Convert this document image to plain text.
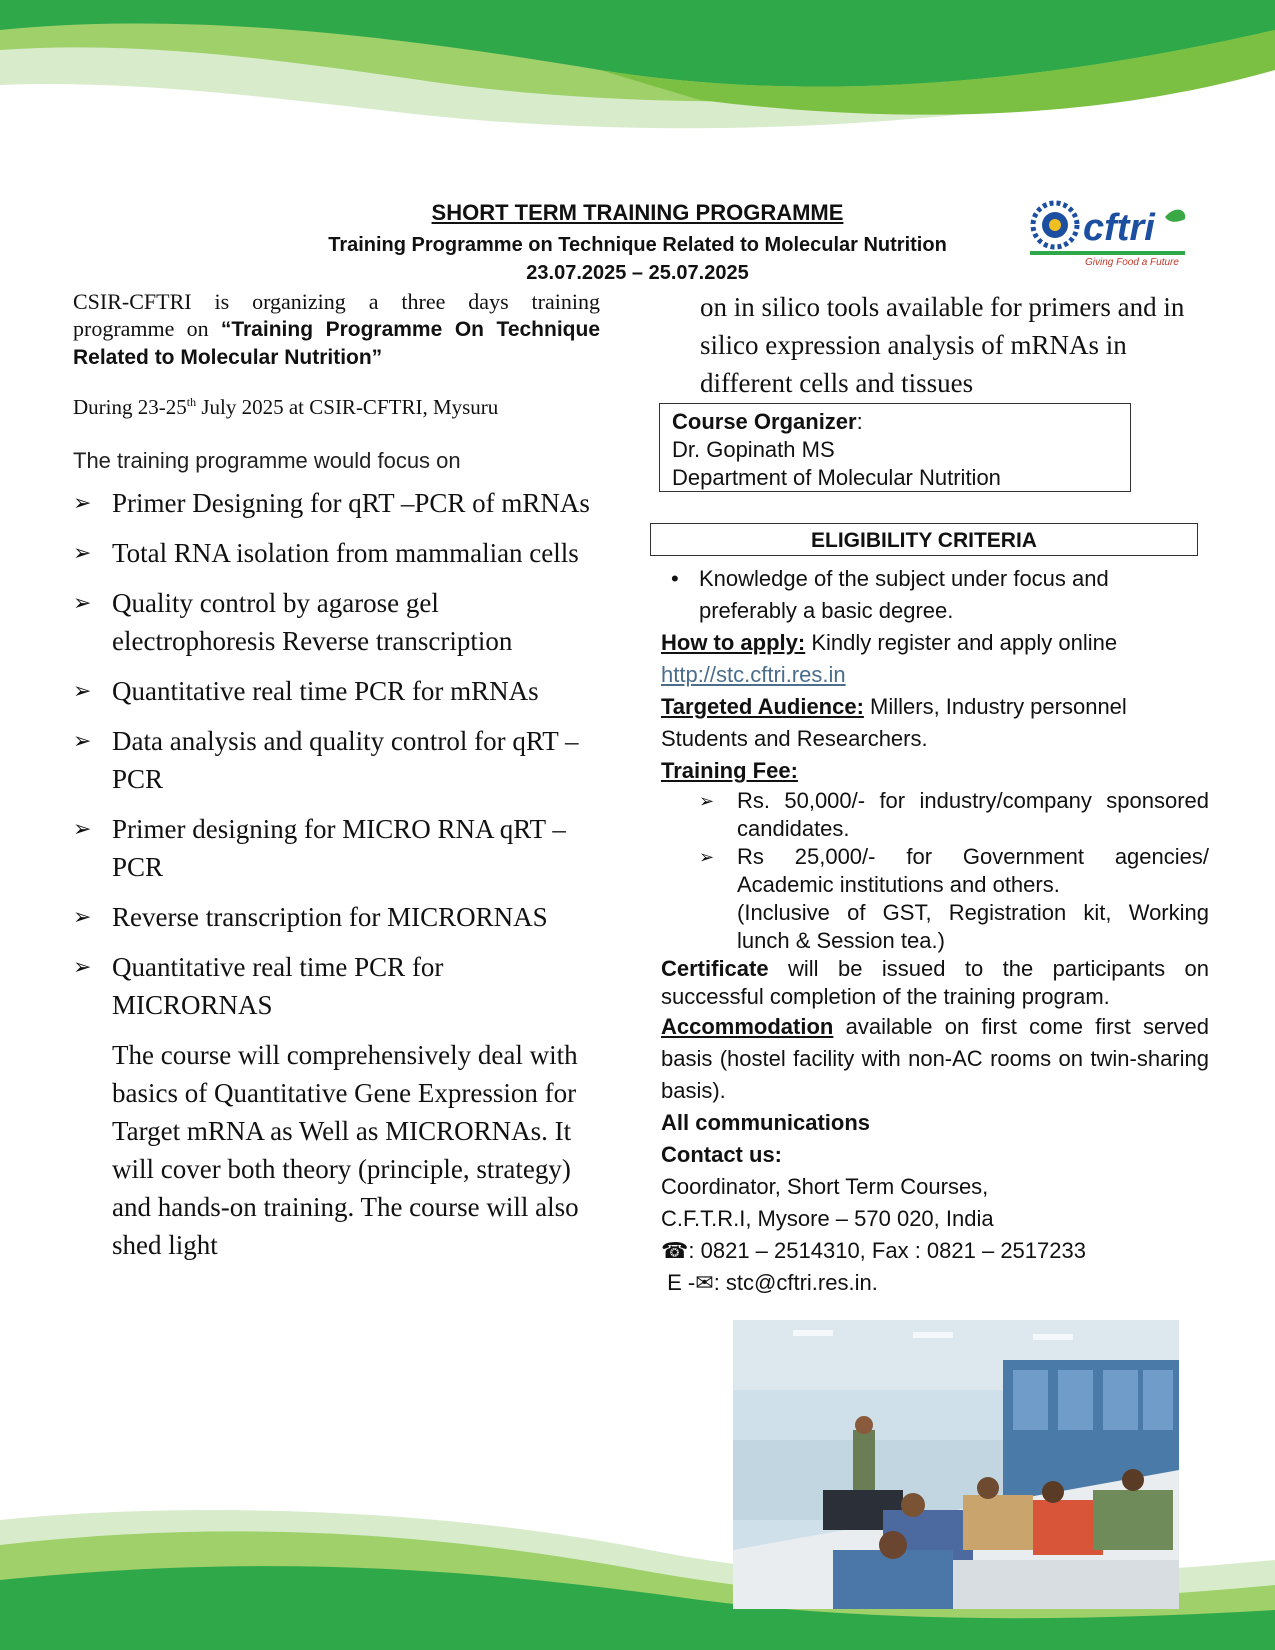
SHORT TERM TRAINING PROGRAMME
Training Programme on Technique Related to Molecular Nutrition
23.07.2025 – 25.07.2025
cftri
Giving Food a Future
CSIR-CFTRI is organizing a three days training programme on “Training Programme On Technique Related to Molecular Nutrition”
During 23-25th July 2025 at CSIR-CFTRI, Mysuru
The training programme would focus on
➢ Primer Designing for qRT –PCR of mRNAs
➢ Total RNA isolation from mammalian cells
➢ Quality control by agarose gel electrophoresis Reverse transcription
➢ Quantitative real time PCR for mRNAs
➢ Data analysis and quality control for qRT –PCR
➢ Primer designing for MICRO RNA qRT –PCR
➢ Reverse transcription for MICRORNAS
➢ Quantitative real time PCR for MICRORNAS
The course will comprehensively deal with basics of Quantitative Gene Expression for Target mRNA as Well as MICRORNAs. It will cover both theory (principle, strategy) and hands-on training. The course will also shed light
on in silico tools available for primers and in silico expression analysis of mRNAs in different cells and tissues
Course Organizer:
Dr. Gopinath MS
Department of Molecular Nutrition
ELIGIBILITY CRITERIA
• Knowledge of the subject under focus and preferably a basic degree.
How to apply: Kindly register and apply online
http://stc.cftri.res.in
Targeted Audience: Millers, Industry personnel Students and Researchers.
Training Fee:
➢ Rs. 50,000/- for industry/company sponsored candidates.
➢ Rs 25,000/- for Government agencies/ Academic institutions and others.
(Inclusive of GST, Registration kit, Working lunch & Session tea.)
Certificate will be issued to the participants on successful completion of the training program.
Accommodation available on first come first served basis (hostel facility with non-AC rooms on twin-sharing basis).
All communications
Contact us:
Coordinator, Short Term Courses,
C.F.T.R.I, Mysore – 570 020, India
☎: 0821 – 2514310, Fax : 0821 – 2517233
E -✉: stc@cftri.res.in.
